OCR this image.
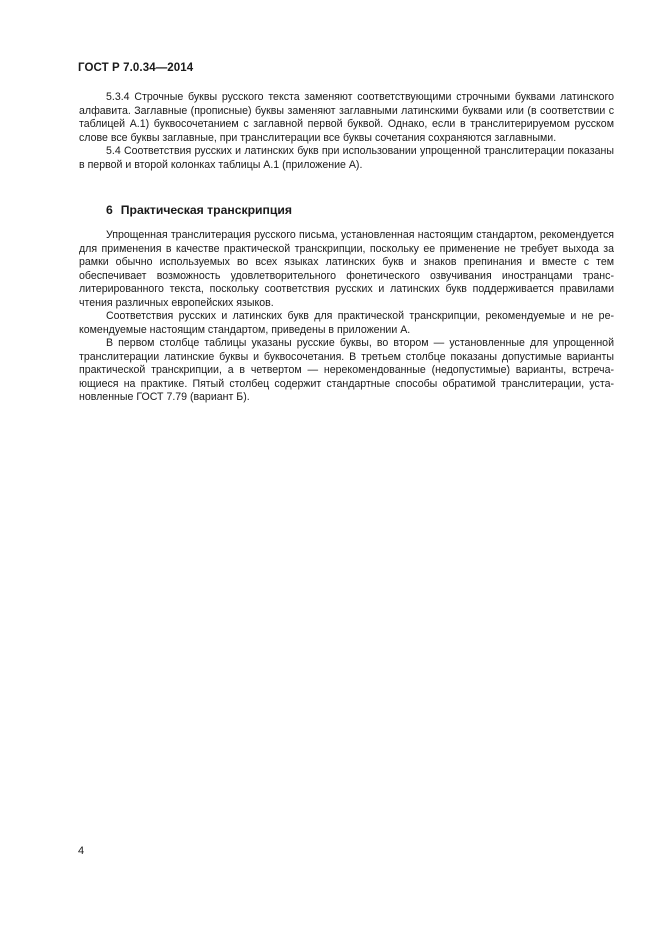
ГОСТ Р 7.0.34—2014

5.3.4 Строчные буквы русского текста заменяют соответствующими строчными буквами латинского алфавита. Заглавные (прописные) буквы заменяют заглавными латинскими буквами или (в соответствии с таблицей А.1) буквосочетанием с заглавной первой буквой. Однако, если в транслитерируемом русском слове все буквы заглавные, при транслитерации все буквы сочетания сохраняются заглавными.

5.4 Соответствия русских и латинских букв при использовании упрощенной транслитерации показаны в первой и второй колонках таблицы А.1 (приложение А).

6 Практическая транскрипция

Упрощенная транслитерация русского письма, установленная настоящим стандартом, рекомендуется для применения в качестве практической транскрипции, поскольку ее применение не требует выхода за рамки обычно используемых во всех языках латинских букв и знаков препинания и вместе с тем обеспечивает возможность удовлетворительного фонетического озвучивания иностранцами транслитерированного текста, поскольку соответствия русских и латинских букв поддерживается правилами чтения различных европейских языков.

Соответствия русских и латинских букв для практической транскрипции, рекомендуемые и не рекомендуемые настоящим стандартом, приведены в приложении А.

В первом столбце таблицы указаны русские буквы, во втором — установленные для упрощенной транслитерации латинские буквы и буквосочетания. В третьем столбце показаны допустимые варианты практической транскрипции, а в четвертом — нерекомендованные (недопустимые) варианты, встречающиеся на практике. Пятый столбец содержит стандартные способы обратимой транслитерации, установленные ГОСТ 7.79 (вариант Б).

4
